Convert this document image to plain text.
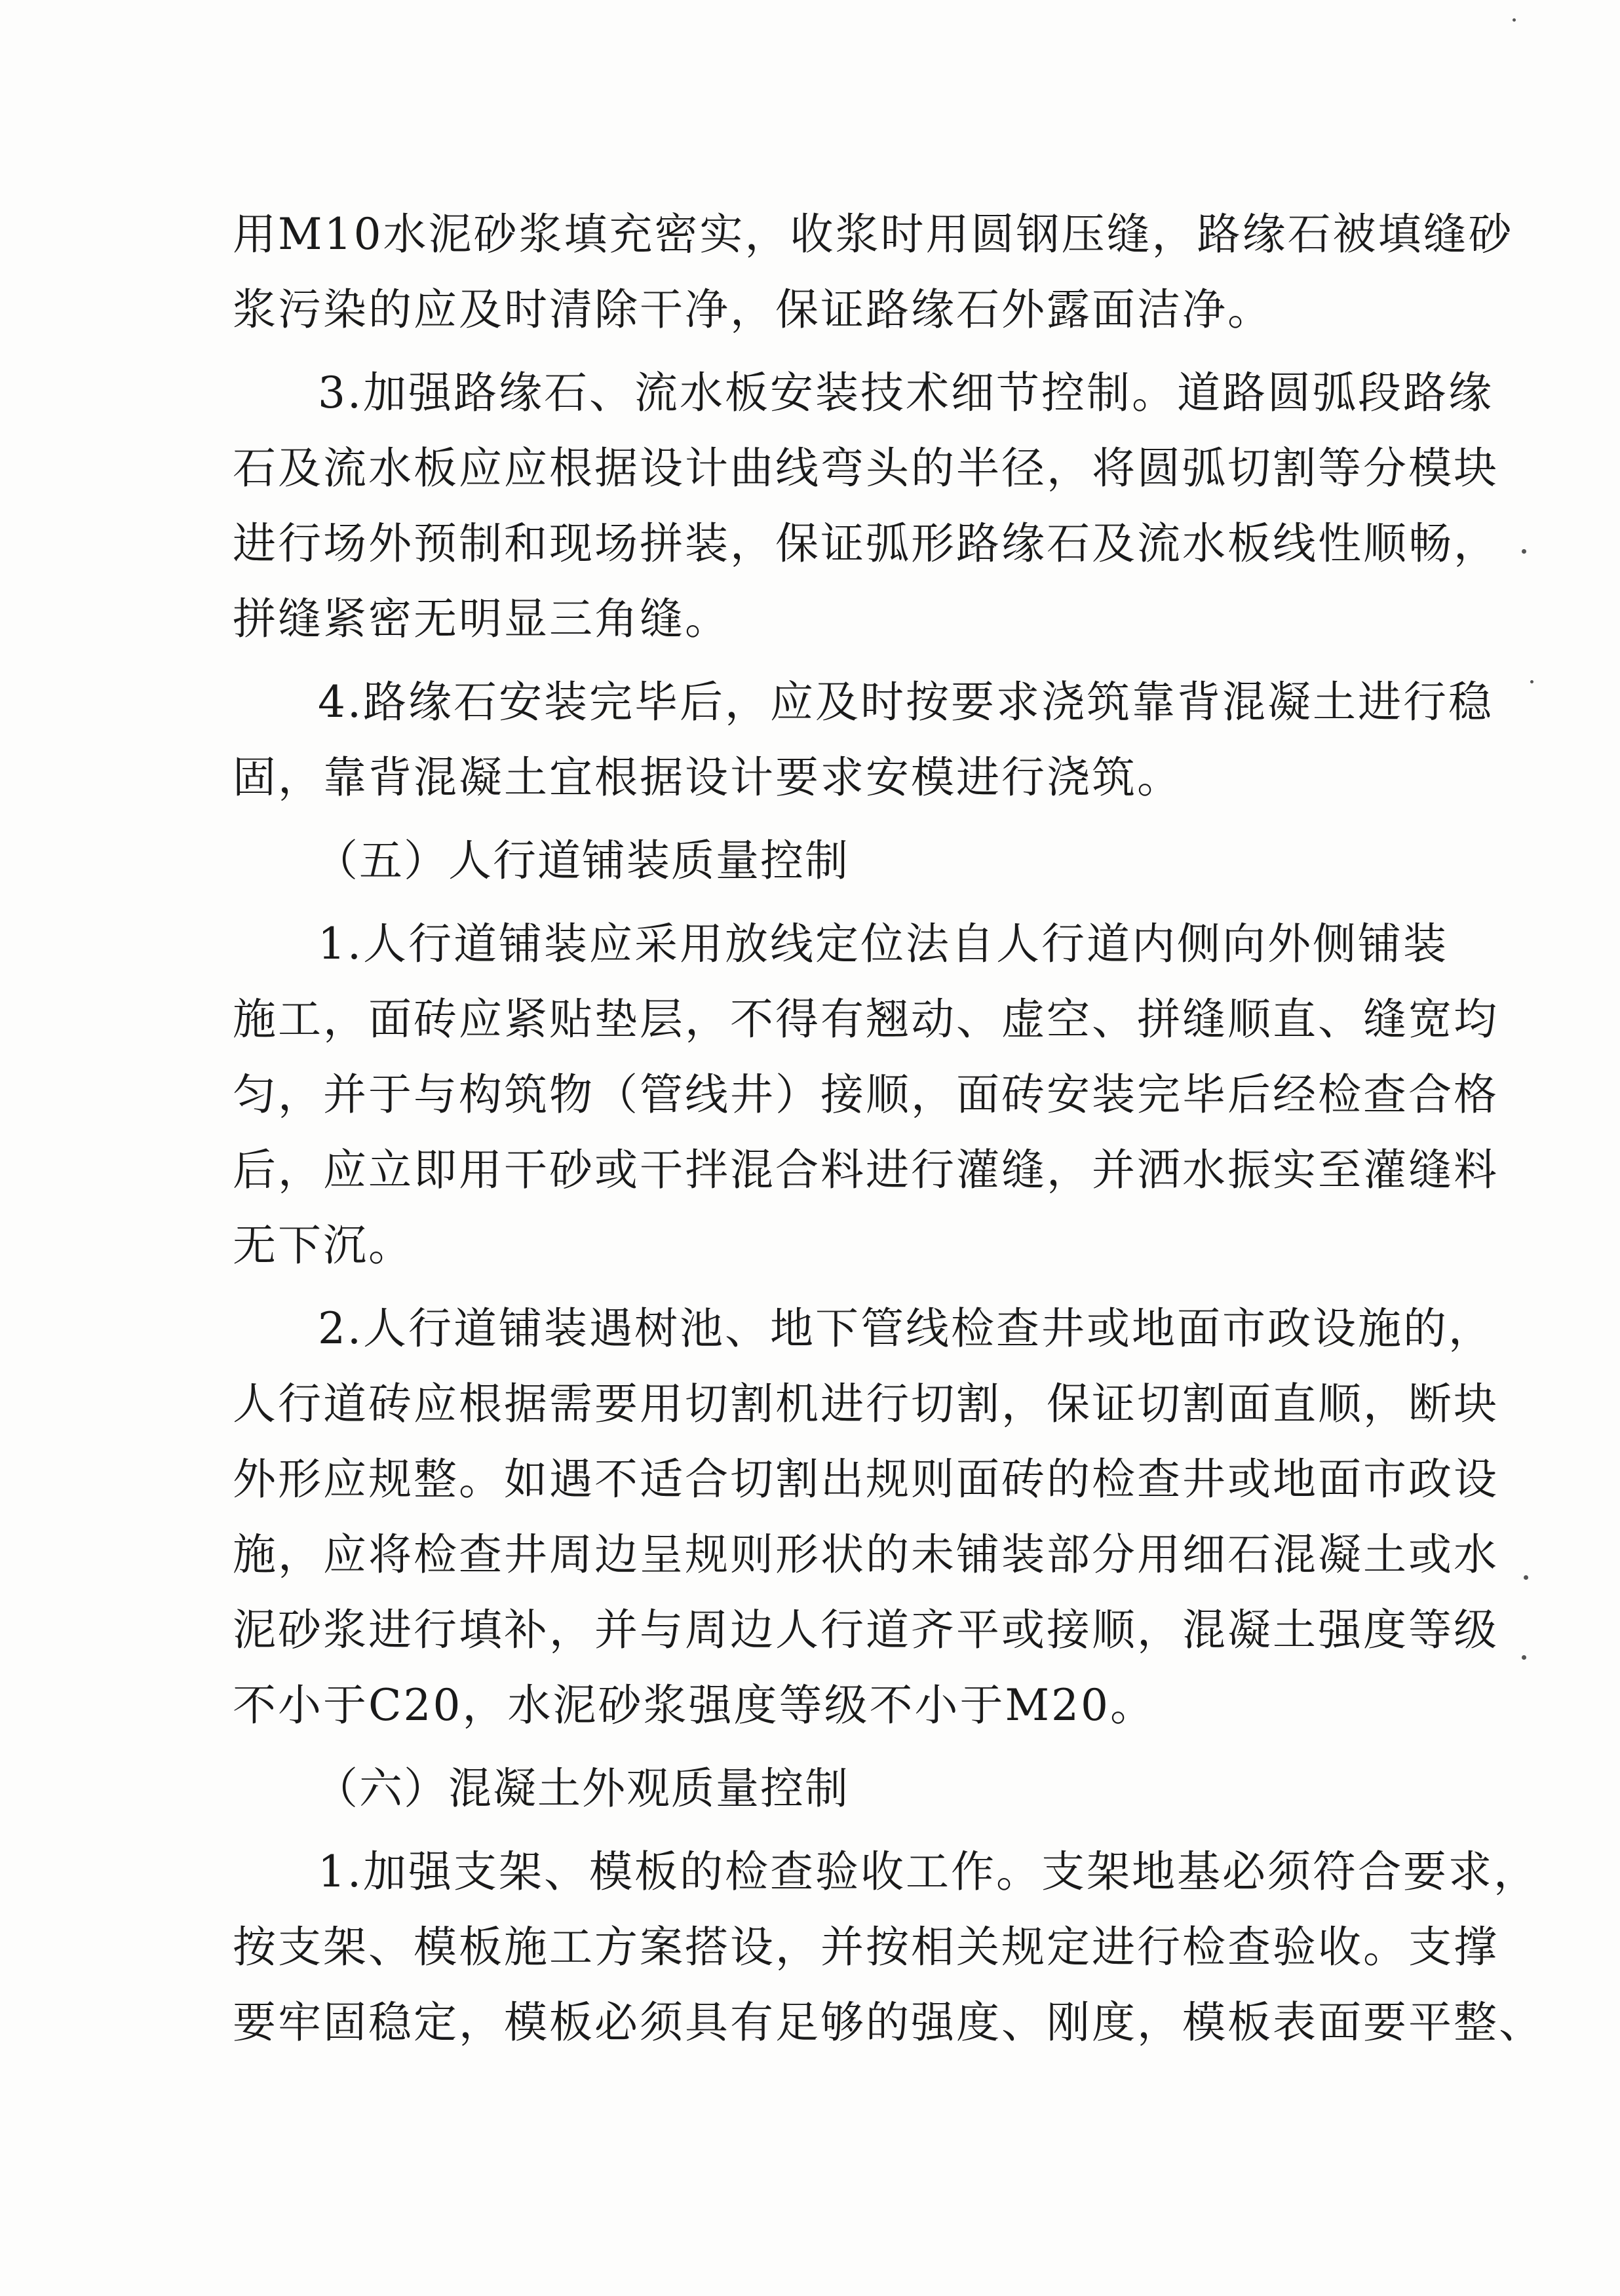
用M10水泥砂浆填充密实，收浆时用圆钢压缝，路缘石被填缝砂
浆污染的应及时清除干净，保证路缘石外露面洁净。
3.加强路缘石、流水板安装技术细节控制。道路圆弧段路缘
石及流水板应应根据设计曲线弯头的半径，将圆弧切割等分模块
进行场外预制和现场拼装，保证弧形路缘石及流水板线性顺畅，
拼缝紧密无明显三角缝。
4.路缘石安装完毕后，应及时按要求浇筑靠背混凝土进行稳
固，靠背混凝土宜根据设计要求安模进行浇筑。
（五）人行道铺装质量控制
1.人行道铺装应采用放线定位法自人行道内侧向外侧铺装
施工，面砖应紧贴垫层，不得有翘动、虚空、拼缝顺直、缝宽均
匀，并于与构筑物（管线井）接顺，面砖安装完毕后经检查合格
后，应立即用干砂或干拌混合料进行灌缝，并洒水振实至灌缝料
无下沉。
2.人行道铺装遇树池、地下管线检查井或地面市政设施的，
人行道砖应根据需要用切割机进行切割，保证切割面直顺，断块
外形应规整。如遇不适合切割出规则面砖的检查井或地面市政设
施，应将检查井周边呈规则形状的未铺装部分用细石混凝土或水
泥砂浆进行填补，并与周边人行道齐平或接顺，混凝土强度等级
不小于C20，水泥砂浆强度等级不小于M20。
（六）混凝土外观质量控制
1.加强支架、模板的检查验收工作。支架地基必须符合要求，
按支架、模板施工方案搭设，并按相关规定进行检查验收。支撑
要牢固稳定，模板必须具有足够的强度、刚度，模板表面要平整、
